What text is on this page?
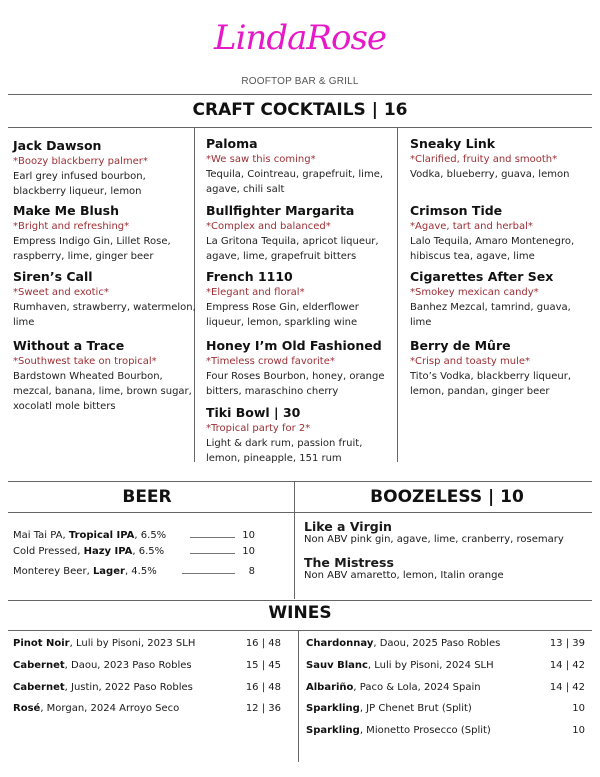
LindaRose
ROOFTOP BAR & GRILL
CRAFT COCKTAILS | 16
Jack Dawson
*Boozy blackberry palmer*
Earl grey infused bourbon, blackberry liqueur, lemon
Make Me Blush
*Bright and refreshing*
Empress Indigo Gin, Lillet Rose, raspberry, lime, ginger beer
Siren’s Call
*Sweet and exotic*
Rumhaven, strawberry, watermelon, lime
Without a Trace
*Southwest take on tropical*
Bardstown Wheated Bourbon, mezcal, banana, lime, brown sugar, xocolatl mole bitters
Paloma
*We saw this coming*
Tequila, Cointreau, grapefruit, lime, agave, chili salt
Bullfighter Margarita
*Complex and balanced*
La Gritona Tequila, apricot liqueur, agave, lime, grapefruit bitters
French 1110
*Elegant and floral*
Empress Rose Gin, elderflower liqueur, lemon, sparkling wine
Honey I’m Old Fashioned
*Timeless crowd favorite*
Four Roses Bourbon, honey, orange bitters, maraschino cherry
Tiki Bowl | 30
*Tropical party for 2*
Light & dark rum, passion fruit, lemon, pineapple, 151 rum
Sneaky Link
*Clarified, fruity and smooth*
Vodka, blueberry, guava, lemon
Crimson Tide
*Agave, tart and herbal*
Lalo Tequila, Amaro Montenegro, hibiscus tea, agave, lime
Cigarettes After Sex
*Smokey mexican candy*
Banhez Mezcal, tamrind, guava, lime
Berry de Mûre
*Crisp and toasty mule*
Tito’s Vodka, blackberry liqueur, lemon, pandan, ginger beer
BEER	BOOZELESS | 10
Mai Tai PA, Tropical IPA, 6.5%	10
Cold Pressed, Hazy IPA, 6.5%	10
Monterey Beer, Lager, 4.5%	8
Like a Virgin
Non ABV pink gin, agave, lime, cranberry, rosemary
The Mistress
Non ABV amaretto, lemon, Italin orange
WINES
Pinot Noir, Luli by Pisoni, 2023 SLH	16 | 48
Cabernet, Daou, 2023 Paso Robles	15 | 45
Cabernet, Justin, 2022 Paso Robles	16 | 48
Rosé, Morgan, 2024 Arroyo Seco	12 | 36
Chardonnay, Daou, 2025 Paso Robles	13 | 39
Sauv Blanc, Luli by Pisoni, 2024 SLH	14 | 42
Albariño, Paco & Lola, 2024 Spain	14 | 42
Sparkling, JP Chenet Brut (Split)	10
Sparkling, Mionetto Prosecco (Split)	10
